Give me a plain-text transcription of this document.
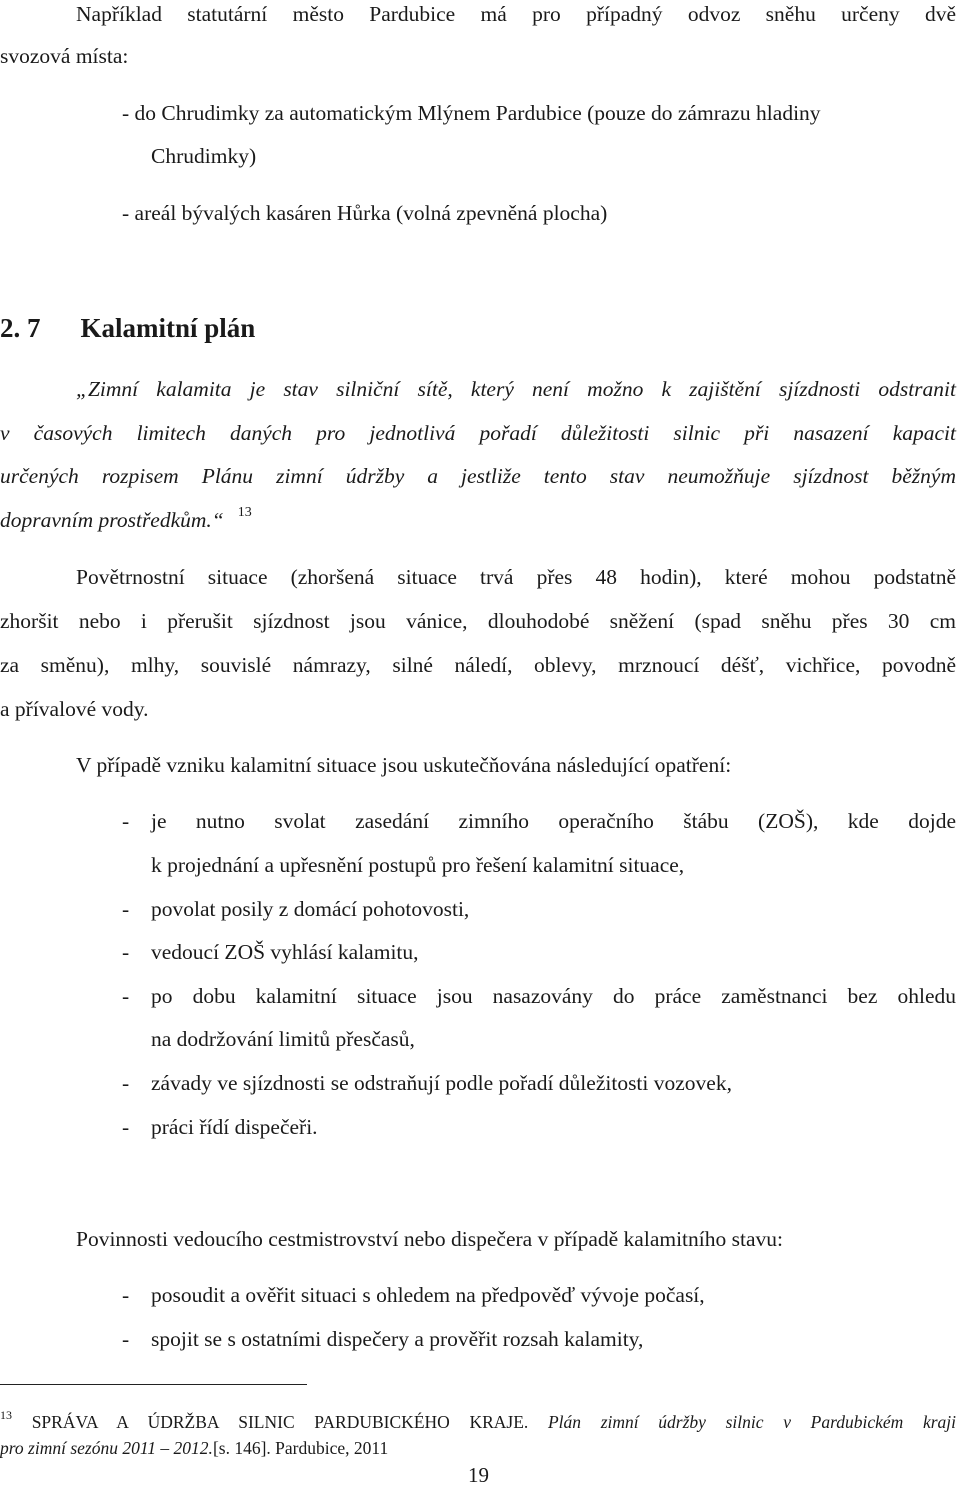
Například statutární město Pardubice má pro případný odvoz sněhu určeny dvě
svozová místa:
- do Chrudimky za automatickým Mlýnem Pardubice (pouze do zámrazu hladiny
Chrudimky)
- areál bývalých kasáren Hůrka (volná zpevněná plocha)
2. 7 Kalamitní plán
„Zimní kalamita je stav silniční sítě, který není možno k zajištění sjízdnosti odstranit
v časových limitech daných pro jednotlivá pořadí důležitosti silnic při nasazení kapacit
určených rozpisem Plánu zimní údržby a jestliže tento stav neumožňuje sjízdnost běžným
dopravním prostředkům.“ $^{13}$
Povětrnostní situace (zhoršená situace trvá přes 48 hodin), které mohou podstatně
zhoršit nebo i přerušit sjízdnost jsou vánice, dlouhodobé sněžení (spad sněhu přes 30 cm
za směnu), mlhy, souvislé námrazy, silné náledí, oblevy, mrznoucí déšť, vichřice, povodně
a přívalové vody.
V případě vzniku kalamitní situace jsou uskutečňována následující opatření:
- je nutno svolat zasedání zimního operačního štábu (ZOŠ), kde dojde
k projednání a upřesnění postupů pro řešení kalamitní situace,
- povolat posily z domácí pohotovosti,
- vedoucí ZOŠ vyhlásí kalamitu,
- po dobu kalamitní situace jsou nasazovány do práce zaměstnanci bez ohledu
na dodržování limitů přesčasů,
- závady ve sjízdnosti se odstraňují podle pořadí důležitosti vozovek,
- práci řídí dispečeři.
Povinnosti vedoucího cestmistrovství nebo dispečera v případě kalamitního stavu:
- posoudit a ověřit situaci s ohledem na předpověď vývoje počasí,
- spojit se s ostatními dispečery a prověřit rozsah kalamity,
$^{13}$ SPRÁVA A ÚDRŽBA SILNIC PARDUBICKÉHO KRAJE. Plán zimní údržby silnic v Pardubickém kraji
pro zimní sezónu 2011 – 2012.[s. 146]. Pardubice, 2011
19
